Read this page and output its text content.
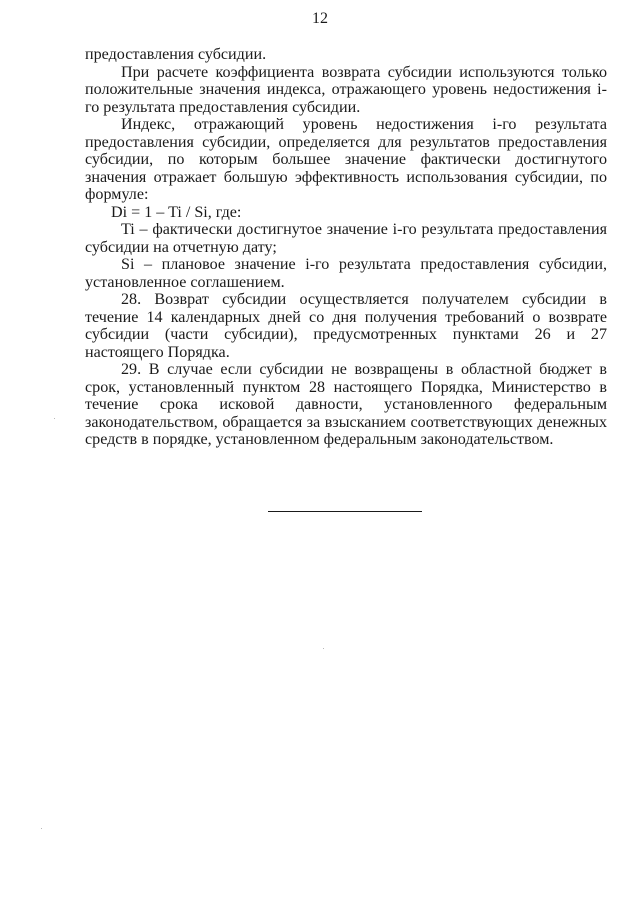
12

предоставления субсидии.

При расчете коэффициента возврата субсидии используются только положительные значения индекса, отражающего уровень недостижения i-го результата предоставления субсидии.

Индекс, отражающий уровень недостижения i-го результата предоставления субсидии, определяется для результатов предоставления субсидии, по которым большее значение фактически достигнутого значения отражает большую эффективность использования субсидии, по формуле:

Di = 1 – Ti / Si, где:

Ti – фактически достигнутое значение i-го результата предоставления субсидии на отчетную дату;

Si – плановое значение i-го результата предоставления субсидии, установленное соглашением.

28. Возврат субсидии осуществляется получателем субсидии в течение 14 календарных дней со дня получения требований о возврате субсидии (части субсидии), предусмотренных пунктами 26 и 27 настоящего Порядка.

29. В случае если субсидии не возвращены в областной бюджет в срок, установленный пунктом 28 настоящего Порядка, Министерство в течение срока исковой давности, установленного федеральным законодательством, обращается за взысканием соответствующих денежных средств в порядке, установленном федеральным законодательством.
